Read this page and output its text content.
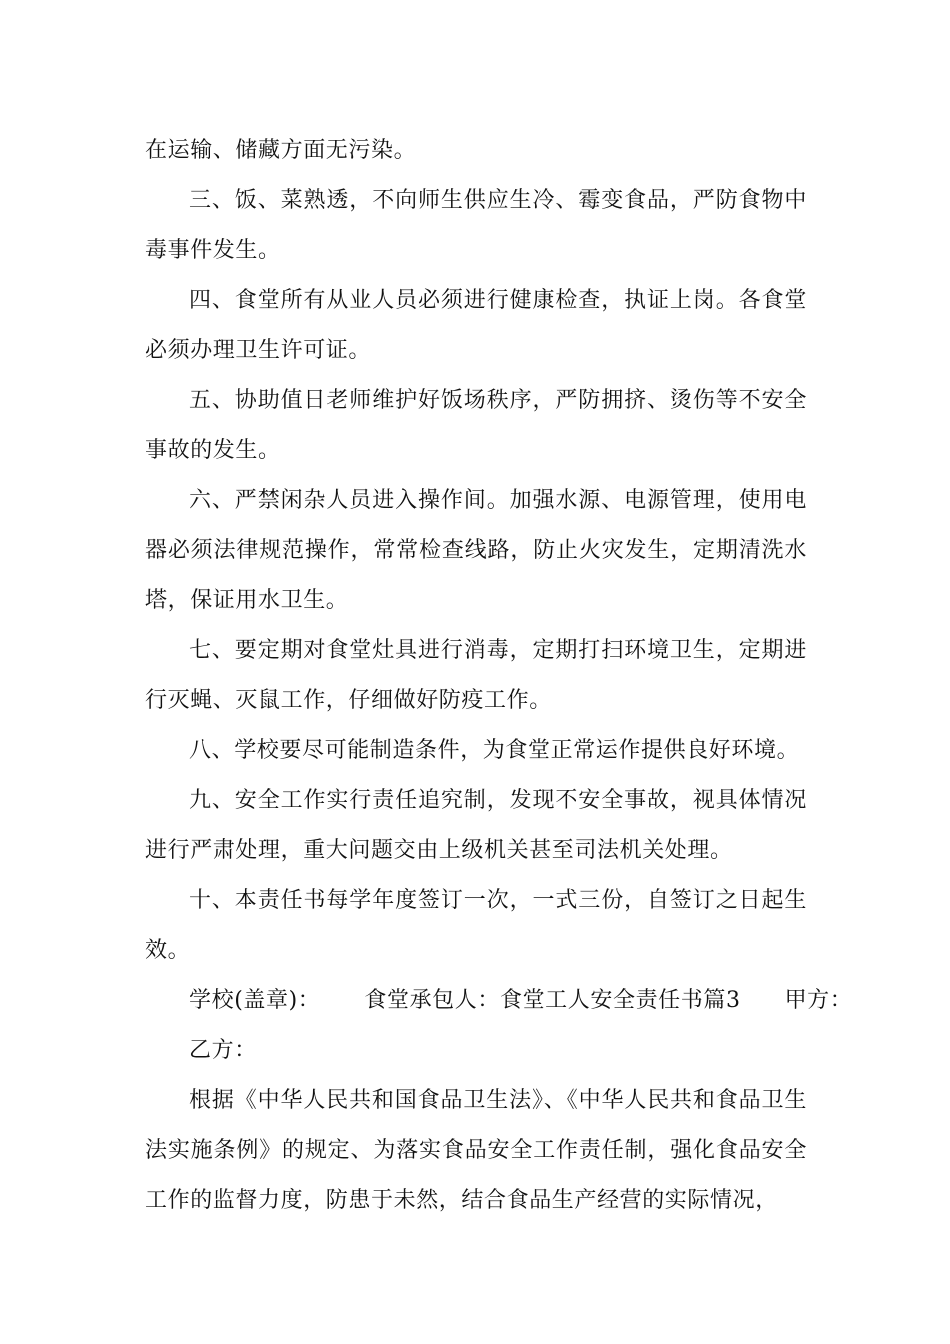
在运输、储藏方面无污染。

三、饭、菜熟透，不向师生供应生冷、霉变食品，严防食物中毒事件发生。

四、食堂所有从业人员必须进行健康检查，执证上岗。各食堂必须办理卫生许可证。

五、协助值日老师维护好饭场秩序，严防拥挤、烫伤等不安全事故的发生。

六、严禁闲杂人员进入操作间。加强水源、电源管理，使用电器必须法律规范操作，常常检查线路，防止火灾发生，定期清洗水塔，保证用水卫生。

七、要定期对食堂灶具进行消毒，定期打扫环境卫生，定期进行灭蝇、灭鼠工作，仔细做好防疫工作。

八、学校要尽可能制造条件，为食堂正常运作提供良好环境。

九、安全工作实行责任追究制，发现不安全事故，视具体情况进行严肃处理，重大问题交由上级机关甚至司法机关处理。

十、本责任书每学年度签订一次，一式三份，自签订之日起生效。

学校(盖章)：	食堂承包人：食堂工人安全责任书篇3	甲方：

乙方：

根据《中华人民共和国食品卫生法》、《中华人民共和食品卫生法实施条例》的规定、为落实食品安全工作责任制，强化食品安全工作的监督力度，防患于未然，结合食品生产经营的实际情况，
